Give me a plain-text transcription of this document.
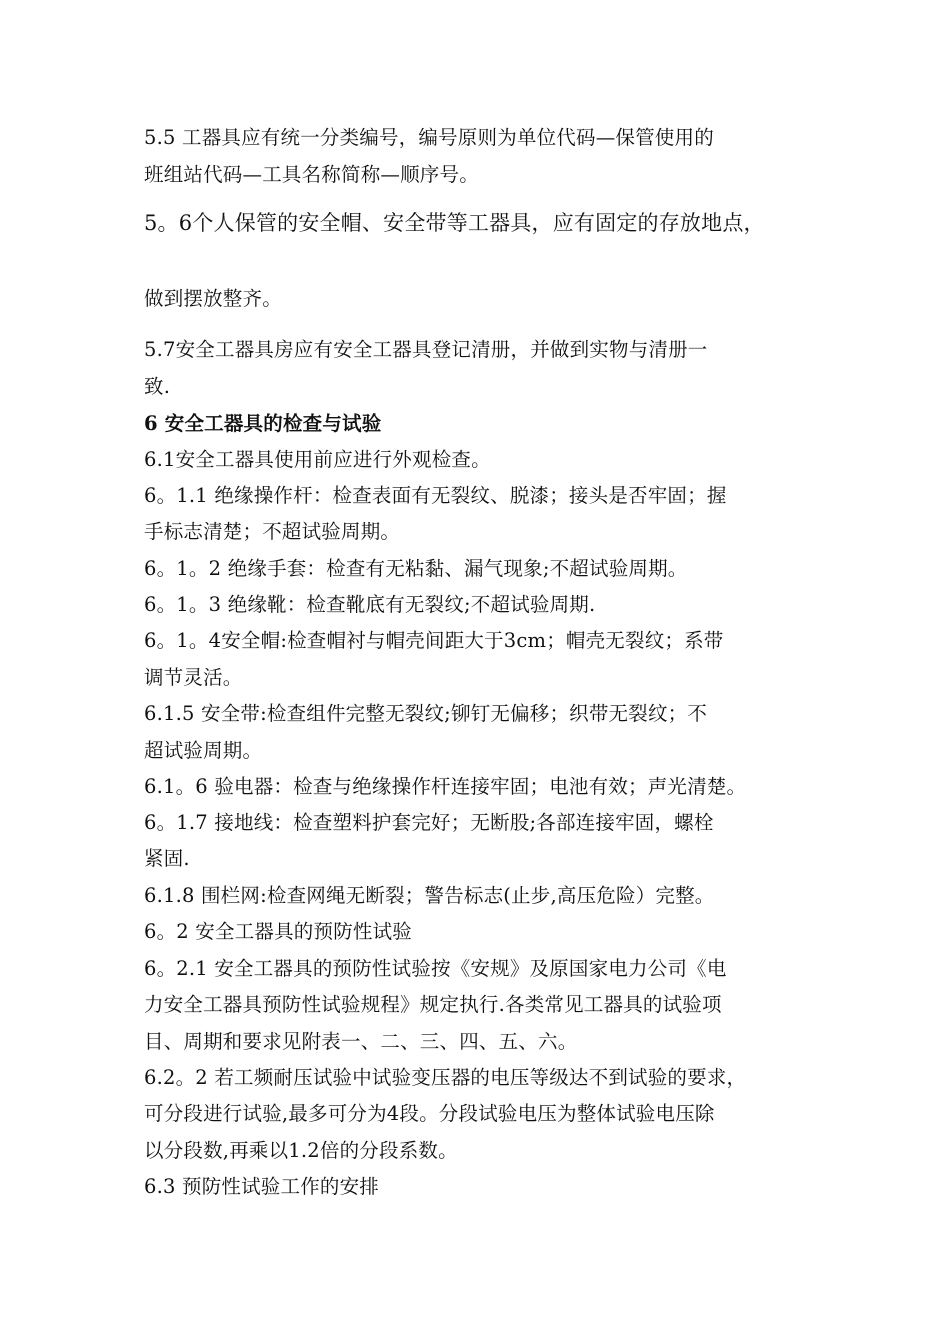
5.5 工器具应有统一分类编号，编号原则为单位代码—保管使用的

班组站代码—工具名称简称—顺序号。

5。6个人保管的安全帽、安全带等工器具，应有固定的存放地点，

做到摆放整齐。

5.7安全工器具房应有安全工器具登记清册，并做到实物与清册一

致.

6 安全工器具的检查与试验

6.1安全工器具使用前应进行外观检查。

6。1.1 绝缘操作杆：检查表面有无裂纹、脱漆；接头是否牢固；握

手标志清楚；不超试验周期。

6。1。2 绝缘手套：检查有无粘黏、漏气现象;不超试验周期。

6。1。3 绝缘靴：检查靴底有无裂纹;不超试验周期.

6。1。4安全帽:检查帽衬与帽壳间距大于3cm；帽壳无裂纹；系带

调节灵活。

6.1.5 安全带:检查组件完整无裂纹;铆钉无偏移；织带无裂纹；不

超试验周期。

6.1。6 验电器：检查与绝缘操作杆连接牢固；电池有效；声光清楚。

6。1.7 接地线：检查塑料护套完好；无断股;各部连接牢固，螺栓

紧固.

6.1.8 围栏网:检查网绳无断裂；警告标志(止步,高压危险）完整。

6。2 安全工器具的预防性试验

6。2.1 安全工器具的预防性试验按《安规》及原国家电力公司《电

力安全工器具预防性试验规程》规定执行.各类常见工器具的试验项

目、周期和要求见附表一、二、三、四、五、六。

6.2。2 若工频耐压试验中试验变压器的电压等级达不到试验的要求，

可分段进行试验,最多可分为4段。分段试验电压为整体试验电压除

以分段数,再乘以1.2倍的分段系数。

6.3 预防性试验工作的安排
